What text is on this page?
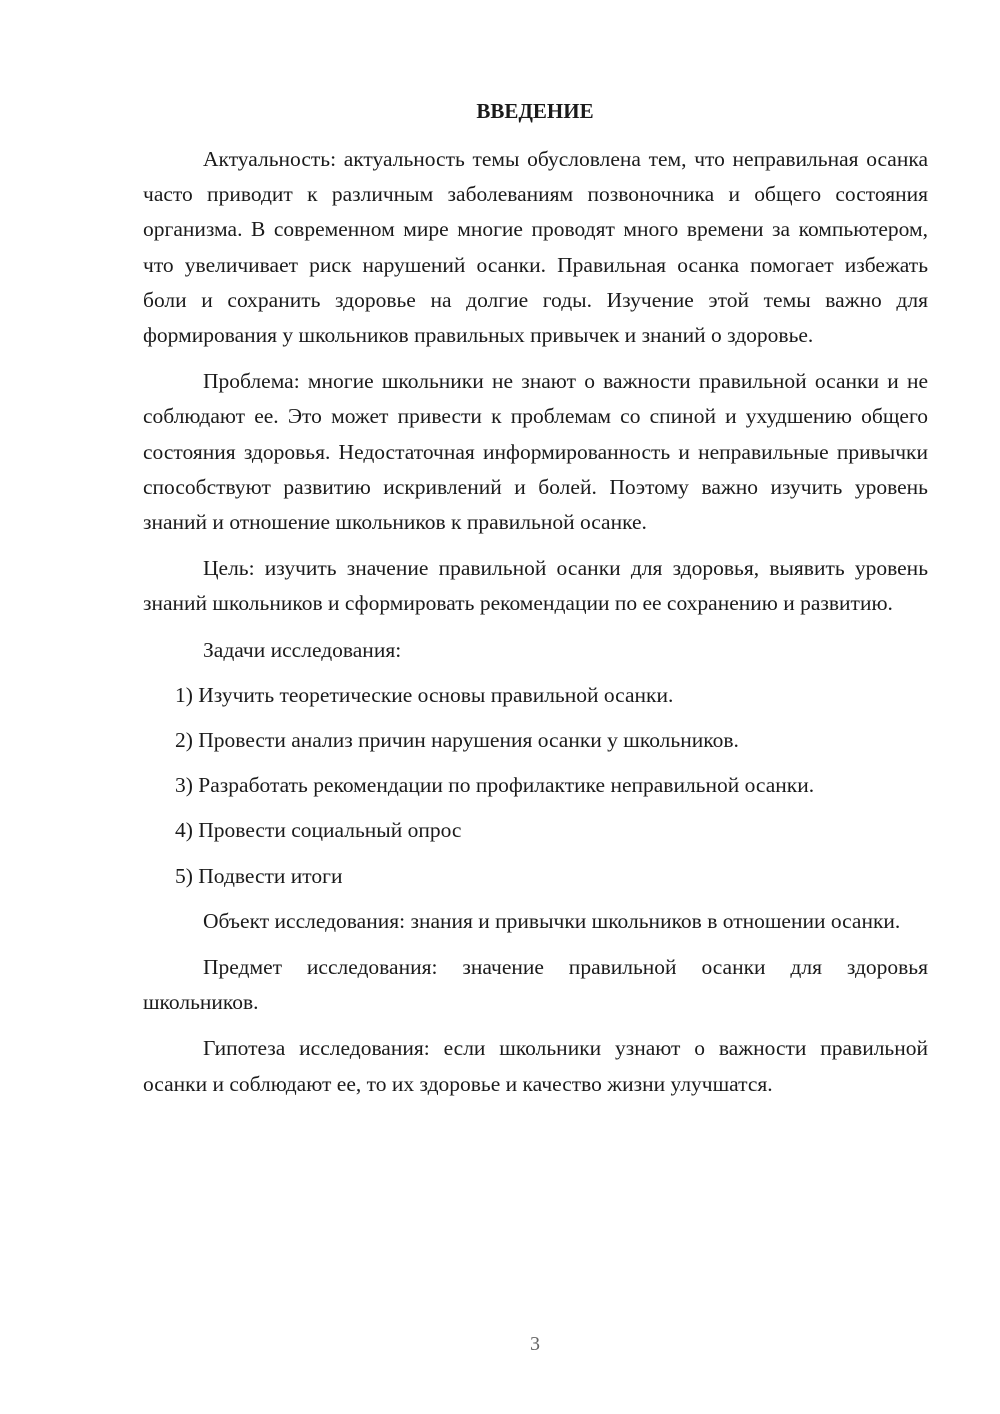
ВВЕДЕНИЕ

Актуальность: актуальность темы обусловлена тем, что неправильная осанка часто приводит к различным заболеваниям позвоночника и общего состояния организма. В современном мире многие проводят много времени за компьютером, что увеличивает риск нарушений осанки. Правильная осанка помогает избежать боли и сохранить здоровье на долгие годы. Изучение этой темы важно для формирования у школьников правильных привычек и знаний о здоровье.

Проблема: многие школьники не знают о важности правильной осанки и не соблюдают ее. Это может привести к проблемам со спиной и ухудшению общего состояния здоровья. Недостаточная информированность и неправильные привычки способствуют развитию искривлений и болей. Поэтому важно изучить уровень знаний и отношение школьников к правильной осанке.

Цель: изучить значение правильной осанки для здоровья, выявить уровень знаний школьников и сформировать рекомендации по ее сохранению и развитию.

Задачи исследования:

1) Изучить теоретические основы правильной осанки.
2) Провести анализ причин нарушения осанки у школьников.
3) Разработать рекомендации по профилактике неправильной осанки.
4) Провести социальный опрос
5) Подвести итоги

Объект исследования: знания и привычки школьников в отношении осанки.

Предмет исследования: значение правильной осанки для здоровья школьников.

Гипотеза исследования: если школьники узнают о важности правильной осанки и соблюдают ее, то их здоровье и качество жизни улучшатся.

3
